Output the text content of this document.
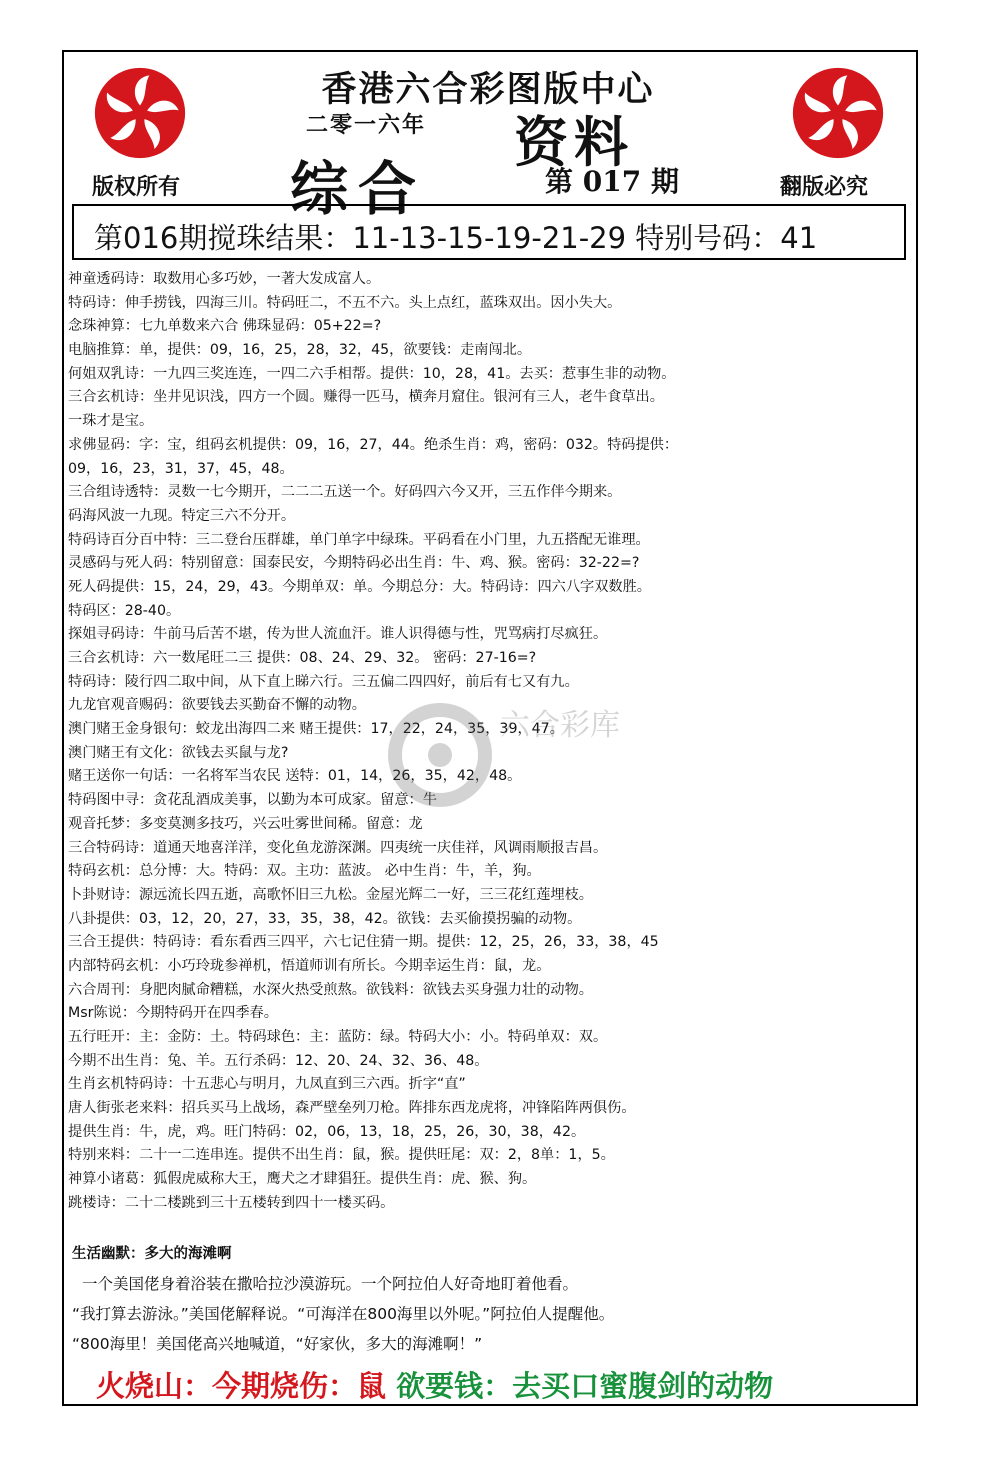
香港六合彩图版中心
二零一六年 资料
综合	第 017 期
版权所有	翻版必究
第016期搅珠结果：11-13-15-19-21-29 特别号码：41
神童透码诗：取数用心多巧妙，一著大发成富人。
特码诗：伸手捞钱，四海三川。特码旺二，不五不六。头上点红，蓝珠双出。因小失大。
念珠神算：七九单数来六合 佛珠显码：05+22=?
电脑推算：单，提供：09，16，25，28，32，45，欲要钱：走南闯北。
何姐双乳诗：一九四三奖连连，一四二六手相帮。提供：10，28，41。去买：惹事生非的动物。
三合玄机诗：坐井见识浅，四方一个圆。赚得一匹马，横奔月窟住。银河有三人，老牛食草出。
一珠才是宝。
求佛显码：字：宝，组码玄机提供：09，16，27，44。绝杀生肖：鸡，密码：032。特码提供：
09，16，23，31，37，45，48。
三合组诗透特：灵数一七今期开，二二二五送一个。好码四六今又开，三五作伴今期来。
码海风波一九现。特定三六不分开。
特码诗百分百中特：三二登台压群雄，单门单字中绿珠。平码看在小门里，九五搭配无谁理。
灵感码与死人码：特别留意：国泰民安，今期特码必出生肖：牛、鸡、猴。密码：32-22=?
死人码提供：15，24，29，43。今期单双：单。今期总分：大。特码诗：四六八字双数胜。
特码区：28-40。
探姐寻码诗：牛前马后苦不堪，传为世人流血汗。谁人识得德与性，咒骂病打尽疯狂。
三合玄机诗：六一数尾旺二三 提供：08、24、29、32。 密码：27-16=?
特码诗：陵行四二取中间，从下直上睇六行。三五偏二四四好，前后有七又有九。
九龙官观音赐码：欲要钱去买勤奋不懈的动物。
澳门赌王金身银句：蛟龙出海四二来 赌王提供：17，22，24，35，39，47。
澳门赌王有文化：欲钱去买鼠与龙?
赌王送你一句话：一名将军当农民 送特：01，14，26，35，42，48。
特码图中寻：贪花乱酒成美事，以勤为本可成家。留意：牛
观音托梦：多变莫测多技巧，兴云吐雾世间稀。留意：龙
三合特码诗：道通天地喜洋洋，变化鱼龙游深渊。四夷统一庆佳祥，风调雨顺报吉昌。
特码玄机：总分博：大。特码：双。主功：蓝波。 必中生肖：牛，羊，狗。
卜卦财诗：源远流长四五逝，高歌怀旧三九松。金屋光辉二一好，三三花红莲埋枝。
八卦提供：03，12，20，27，33，35，38，42。欲钱：去买偷摸拐骗的动物。
三合王提供：特码诗：看东看西三四平，六七记住猜一期。提供：12，25，26，33，38，45
内部特码玄机：小巧玲珑参禅机，悟道师训有所长。今期幸运生肖：鼠，龙。
六合周刊：身肥肉腻命糟糕，水深火热受煎熬。欲钱料：欲钱去买身强力壮的动物。
Msr陈说：今期特码开在四季春。
五行旺开：主：金防：土。特码球色：主：蓝防：绿。特码大小：小。特码单双：双。
今期不出生肖：兔、羊。五行杀码：12、20、24、32、36、48。
生肖玄机特码诗：十五悲心与明月，九凤直到三六西。折字“直”
唐人街张老来料：招兵买马上战场，森严壁垒列刀枪。阵排东西龙虎将，冲锋陷阵两俱伤。
提供生肖：牛，虎，鸡。旺门特码：02，06，13，18，25，26，30，38，42。
特别来料：二十一二连串连。提供不出生肖：鼠，猴。提供旺尾：双：2，8单：1，5。
神算小诸葛：狐假虎威称大王，鹰犬之才肆猖狂。提供生肖：虎、猴、狗。
跳楼诗：二十二楼跳到三十五楼转到四十一楼买码。
生活幽默：多大的海滩啊
一个美国佬身着浴装在撒哈拉沙漠游玩。一个阿拉伯人好奇地盯着他看。
“我打算去游泳。”美国佬解释说。“可海洋在800海里以外呢。”阿拉伯人提醒他。
“800海里！美国佬高兴地喊道，“好家伙，多大的海滩啊！”
火烧山：今期烧伤：鼠 欲要钱：去买口蜜腹剑的动物
六合彩库
